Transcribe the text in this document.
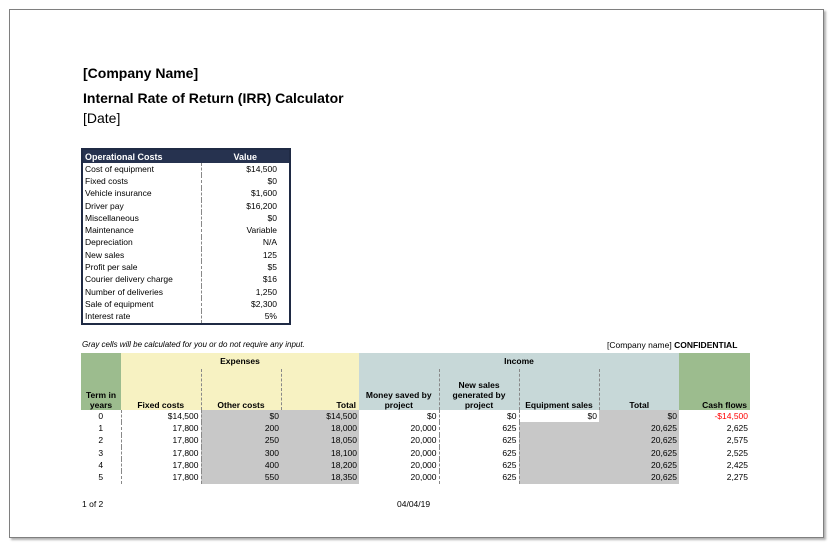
[Company Name]
Internal Rate of Return (IRR) Calculator
[Date]
Operational Costs	Value
Cost of equipment	$14,500
Fixed costs	$0
Vehicle insurance	$1,600
Driver pay	$16,200
Miscellaneous	$0
Maintenance	Variable
Depreciation	N/A
New sales	125
Profit per sale	$5
Courier delivery charge	$16
Number of deliveries	1,250
Sale of equipment	$2,300
Interest rate	5%
Gray cells will be calculated for you or do not require any input.	[Company name] CONFIDENTIAL
	Expenses			Income				
Term in years	Fixed costs	Other costs	Total	Money saved by project	New sales generated by project	Equipment sales	Total	Cash flows
0	$14,500	$0	$14,500	$0	$0	$0	$0	-$14,500
1	17,800	200	18,000	20,000	625		20,625	2,625
2	17,800	250	18,050	20,000	625		20,625	2,575
3	17,800	300	18,100	20,000	625		20,625	2,525
4	17,800	400	18,200	20,000	625		20,625	2,425
5	17,800	550	18,350	20,000	625		20,625	2,275
1 of 2	04/04/19
